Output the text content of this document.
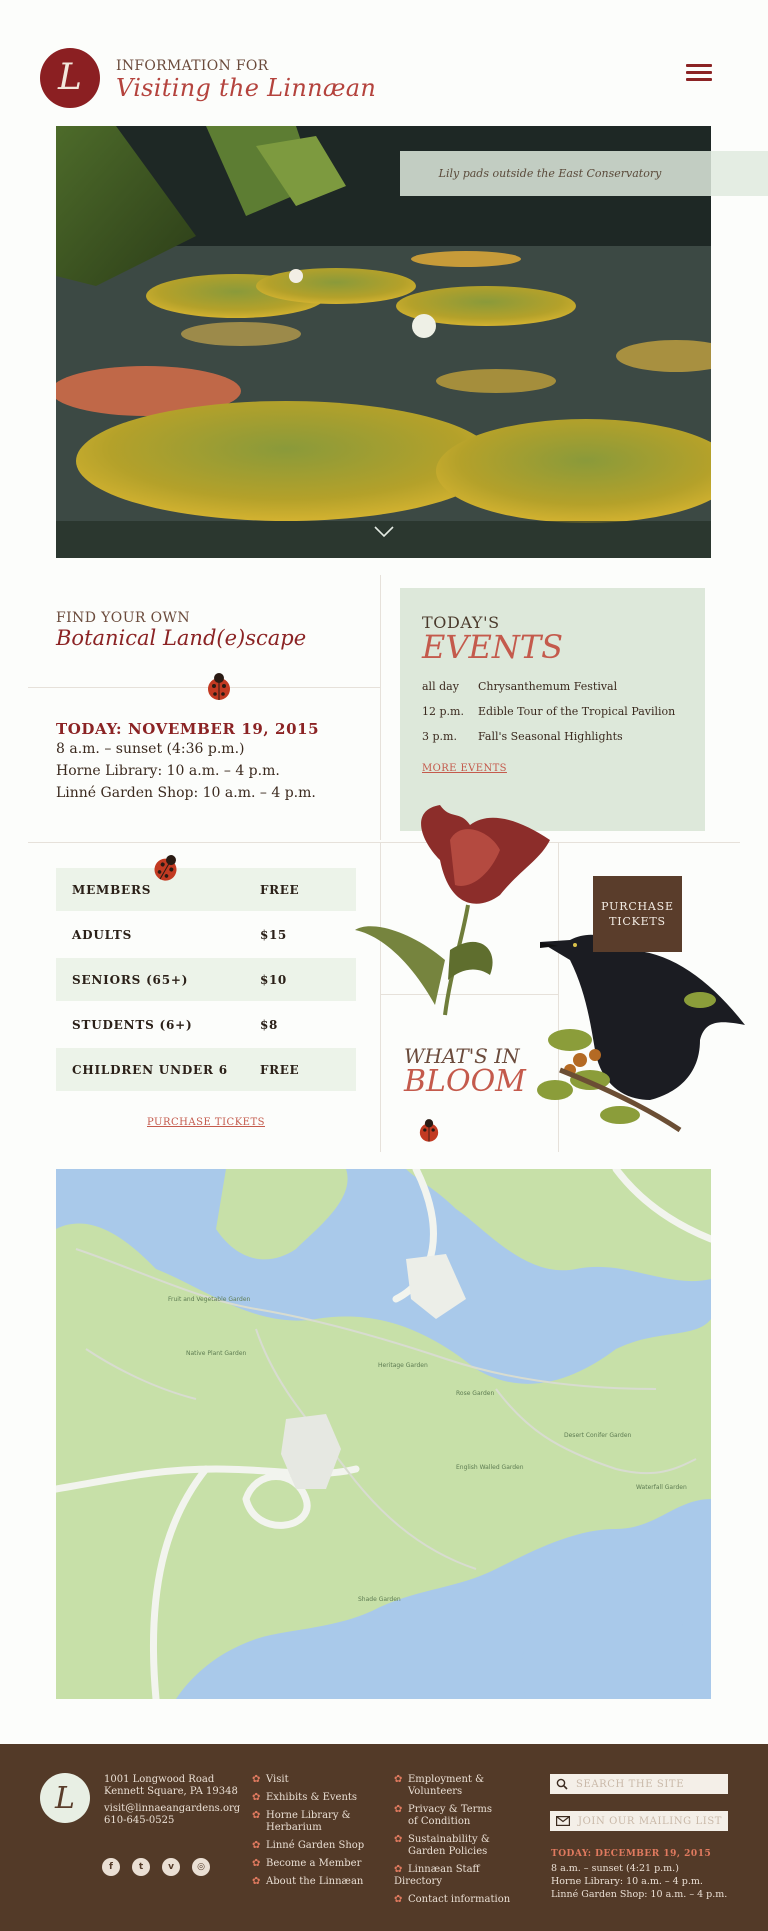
L INFORMATION FOR
Visiting the Linnæan
Lily pads outside the East Conservatory
FIND YOUR OWN
Botanical Land(e)scape
TODAY: NOVEMBER 19, 2015
8 a.m. – sunset (4:36 p.m.)
Horne Library: 10 a.m. – 4 p.m.
Linné Garden Shop: 10 a.m. – 4 p.m.
TODAY'S
EVENTS
all day Chrysanthemum Festival
12 p.m. Edible Tour of the Tropical Pavilion
3 p.m. Fall's Seasonal Highlights
MORE EVENTS
MEMBERS	FREE
ADULTS	$15
SENIORS (65+)	$10
STUDENTS (6+)	$8
CHILDREN UNDER 6	FREE
PURCHASE TICKETS
PURCHASE
TICKETS
WHAT'S IN
BLOOM
Fruit and Vegetable Garden
Native Plant Garden
Heritage Garden
Rose Garden
Desert Conifer Garden
English Walled Garden
Waterfall Garden
Shade Garden
L
1001 Longwood Road
Kennett Square, PA 19348
visit@linnaeangardens.org
610-645-0525
f	t	v	◎
✿ Visit
✿ Exhibits & Events
✿ Horne Library & Herbarium
✿ Linné Garden Shop
✿ Become a Member
✿ About the Linnæan
✿ Employment & Volunteers
✿ Privacy & Terms of Condition
✿ Sustainability & Garden Policies
✿ Linnæan Staff Directory
✿ Contact information
SEARCH THE SITE
JOIN OUR MAILING LIST
TODAY: DECEMBER 19, 2015
8 a.m. – sunset (4:21 p.m.)
Horne Library: 10 a.m. – 4 p.m.
Linné Garden Shop: 10 a.m. – 4 p.m.
